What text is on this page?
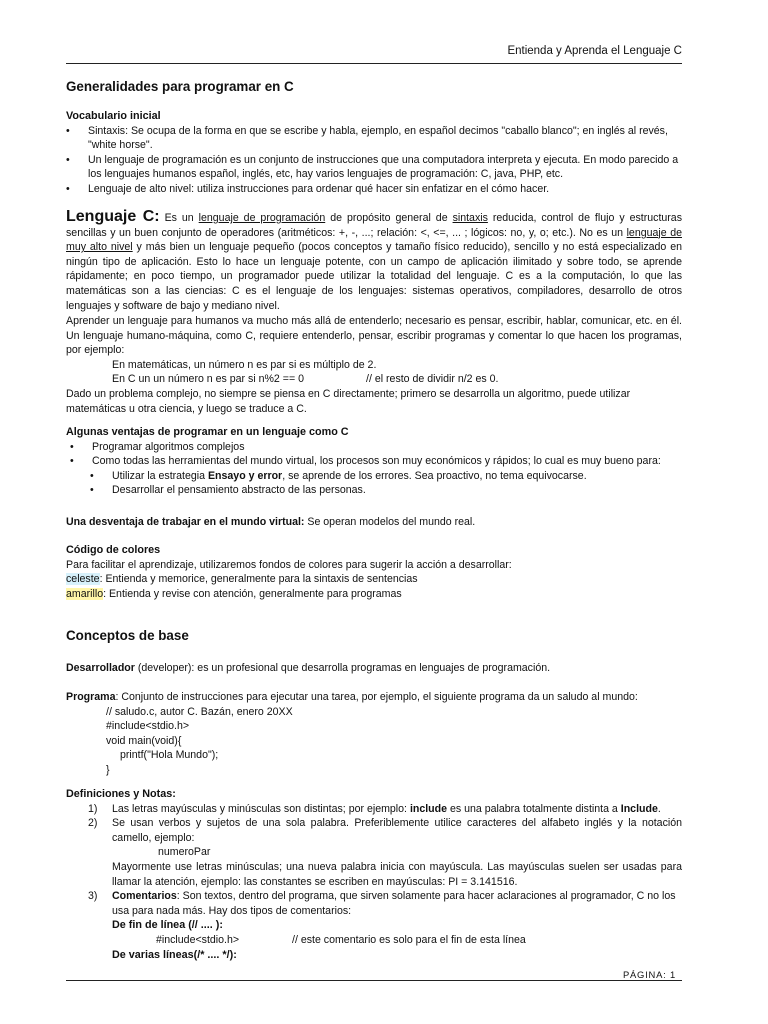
Entienda y Aprenda el Lenguaje C
Generalidades para programar en C
Vocabulario inicial
• Sintaxis: Se ocupa de la forma en que se escribe y habla, ejemplo, en español decimos "caballo blanco"; en inglés al revés, "white horse".
• Un lenguaje de programación es un conjunto de instrucciones que una computadora interpreta y ejecuta. En modo parecido a los lenguajes humanos español, inglés, etc, hay varios lenguajes de programación: C, java, PHP, etc.
• Lenguaje de alto nivel: utiliza instrucciones para ordenar qué hacer sin enfatizar en el cómo hacer.
Lenguaje C: Es un lenguaje de programación de propósito general de sintaxis reducida, control de flujo y estructuras sencillas y un buen conjunto de operadores (aritméticos: +, -, ...; relación: <, <=, ... ; lógicos: no, y, o; etc.). No es un lenguaje de muy alto nivel y más bien un lenguaje pequeño (pocos conceptos y tamaño físico reducido), sencillo y no está especializado en ningún tipo de aplicación. Esto lo hace un lenguaje potente, con un campo de aplicación ilimitado y sobre todo, se aprende rápidamente; en poco tiempo, un programador puede utilizar la totalidad del lenguaje. C es a la computación, lo que las matemáticas son a las ciencias: C es el lenguaje de los lenguajes: sistemas operativos, compiladores, desarrollo de otros lenguajes y software de bajo y mediano nivel.
Aprender un lenguaje para humanos va mucho más allá de entenderlo; necesario es pensar, escribir, hablar, comunicar, etc. en él. Un lenguaje humano-máquina, como C, requiere entenderlo, pensar, escribir programas y comentar lo que hacen los programas, por ejemplo:
En matemáticas, un número n es par si es múltiplo de 2.
En C un un número n es par si n%2 == 0	// el resto de dividir n/2 es 0.
Dado un problema complejo, no siempre se piensa en C directamente; primero se desarrolla un algoritmo, puede utilizar matemáticas u otra ciencia, y luego se traduce a C.
Algunas ventajas de programar en un lenguaje como C
• Programar algoritmos complejos
• Como todas las herramientas del mundo virtual, los procesos son muy económicos y rápidos; lo cual es muy bueno para:
• Utilizar la estrategia Ensayo y error, se aprende de los errores. Sea proactivo, no tema equivocarse.
• Desarrollar el pensamiento abstracto de las personas.
Una desventaja de trabajar en el mundo virtual: Se operan modelos del mundo real.
Código de colores
Para facilitar el aprendizaje, utilizaremos fondos de colores para sugerir la acción a desarrollar:
celeste: Entienda y memorice, generalmente para la sintaxis de sentencias
amarillo: Entienda y revise con atención, generalmente para programas
Conceptos de base
Desarrollador (developer): es un profesional que desarrolla programas en lenguajes de programación.
Programa: Conjunto de instrucciones para ejecutar una tarea, por ejemplo, el siguiente programa da un saludo al mundo:
// saludo.c, autor C. Bazán, enero 20XX
#include<stdio.h>
void main(void){
printf("Hola Mundo");
}
Definiciones y Notas:
1) Las letras mayúsculas y minúsculas son distintas; por ejemplo: include es una palabra totalmente distinta a Include.
2) Se usan verbos y sujetos de una sola palabra. Preferiblemente utilice caracteres del alfabeto inglés y la notación camello, ejemplo:
numeroPar
Mayormente use letras minúsculas; una nueva palabra inicia con mayúscula. Las mayúsculas suelen ser usadas para llamar la atención, ejemplo: las constantes se escriben en mayúsculas: PI = 3.141516.
3) Comentarios: Son textos, dentro del programa, que sirven solamente para hacer aclaraciones al programador, C no los usa para nada más. Hay dos tipos de comentarios:
De fin de línea (// .... ):
#include<stdio.h>	// este comentario es solo para el fin de esta línea
De varias líneas(/* .... */):
PÁGINA: 1
